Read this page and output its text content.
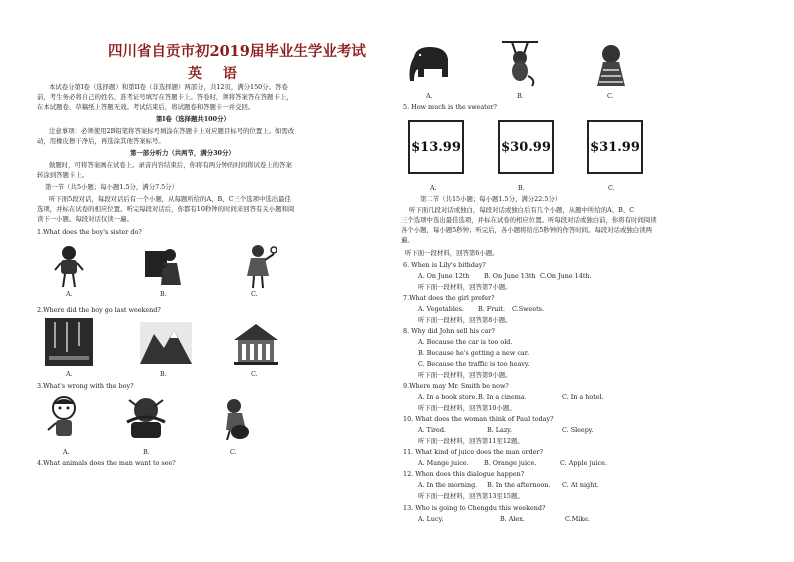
四川省自贡市初2019届毕业生学业考试
英 语
本试卷分第I卷（选择题）和第II卷（非选择题）两部分，共12页，满分150分。答卷
前，考生务必将自己的姓名、准考证号填写在答题卡上。答卷时，须将答案答在答题卡上，
在本试题卷、草稿纸上答题无效。考试结束后，将试题卷和答题卡一并交回。
第Ⅰ卷（选择题共100分）
注意事项：必须使用2B铅笔将答案标号填涂在答题卡上对应题目标号的位置上。如需改
动，用橡皮擦干净后，再选涂其他答案标号。
第一部分听力（共两节，满分30分）
做题时，可将答案画在试卷上。录音内容结束后，你将有两分钟的时间将试卷上的答案
转涂到答题卡上。
第一节（共5小题；每小题1.5分，满分7.5分）
听下面5段对话，每段对话后有一个小题，从每题所给的A、B、C三个选项中选出最佳
选项，并标在试卷的相应位置。听完每段对话后，你都有10秒钟的时间来回答有关小题和阅
读下一小题。每段对话仅读一遍。
1.What does the boy's sister do?
A.	B.	C.
2.Where did the boy go last weekend?
A.	B.	C.
3.What's wrong with the boy?
A.	B.	C.
4.What animals does the man want to see?
A.	B.	C.
5. How much is the sweater?
$13.99	$30.99	$31.99
A.	B.	C.
第二节（共15小题；每小题1.5分，满分22.5分）
听下面几段对话或独白，每段对话或独白后有几个小题，从题中所给的A、B、C
三个选项中选出最佳选项，并标在试卷的相应位置。听每段对话或独白前，你将有时间阅读
各个小题，每小题5秒钟；听完后，各小题将给出5秒钟的作答时间。每段对话或独白读两
遍。
听下面一段材料，回答第6小题。
6. When is Lily's bithday?
A. On June 12th B. On June 13th C.On June 14th.
听下面一段材料，回答第7小题。
7.What does the girl prefer?
A. Vegetables. B. Fruit. C.Sweets.
听下面一段材料，回答第8小题。
8. Why did John sell his car?
A. Because the car is too old.
B. Because he's getting a new car.
C. Because the traffic is too heavy.
听下面一段材料，回答第9小题。
9.Where may Mr. Smith be now?
A. In a book store. B. In a cinema.	C. In a hotel.
听下面一段材料，回答第10小题。
10. What does the woman think of Paul today?
A. Tired.	B. Lazy.	C. Sleepy.
听下面一段材料，回答第11至12题。
11. What kind of juice does the man order?
A. Mange juice. B. Orange juice.	C. Apple juice.
12. When does this dialogue happen?
A. In the morning. B. In the afternoon. C. At night.
听下面一段材料，回答第13至15题。
13. Who is going to Chengdu this weekend?
A. Lucy.	B. Alex.	C.Mike.
